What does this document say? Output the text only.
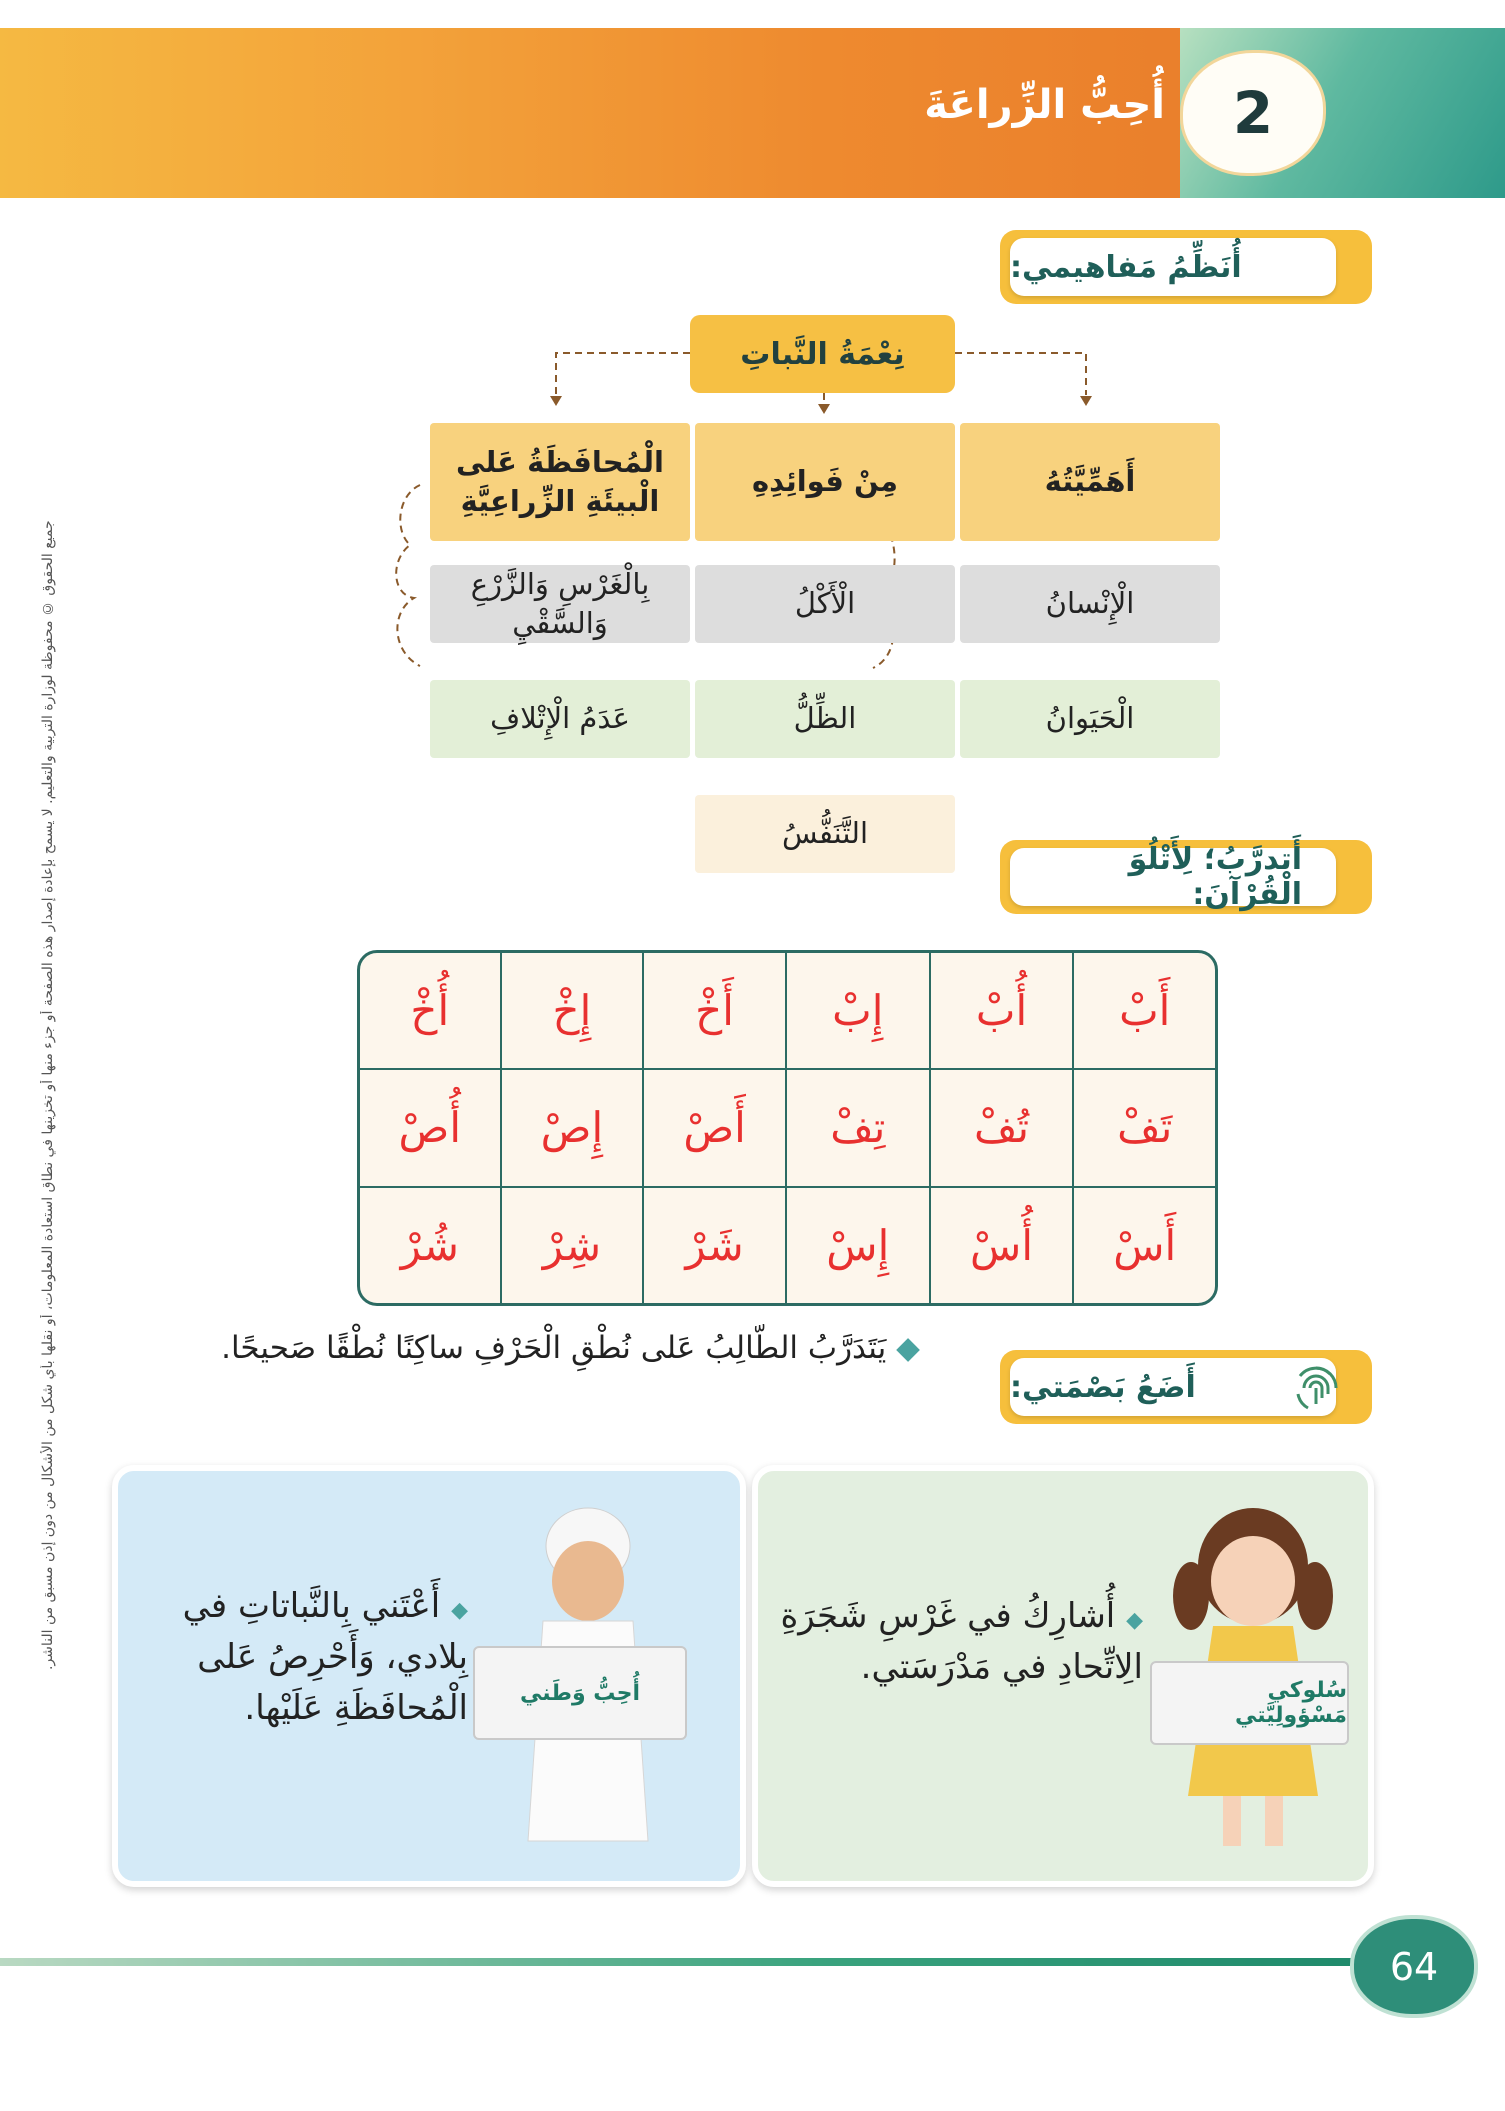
جميع الحقوق © محفوظة لوزارة التربية والتعليم. لا يسمح بإعادة إصدار هذه الصفحة أو جزء منها أو تخزينها في نطاق استعادة المعلومات، أو نقلها بأي شكل من الأشكال من دون إذن مسبق من الناشر.
2
أُحِبُّ الزِّراعَةَ
أُنَظِّمُ مَفاهيمي:
نِعْمَةُ النَّباتِ
أَهَمِّيَّتُهُ
الْإِنْسانُ
الْحَيَوانُ
مِنْ فَوائِدِهِ
الْأَكْلُ
الظِّلُّ
التَّنَفُّسُ
الْمُحافَظَةُ عَلى الْبيئَةِ الزِّراعِيَّةِ
بِالْغَرْسِ وَالزَّرْعِ وَالسَّقْيِ
عَدَمُ الْإِتْلافِ
أَتدرَّبُ؛ لِأَتْلُوَ الْقُرْآنَ:
أَبْ	أُبْ	إِبْ	أَخْ	إِخْ	أُخْ
تَفْ	تُفْ	تِفْ	أَصْ	إِصْ	أُصْ
أَسْ	أُسْ	إِسْ	شَرْ	شِرْ	شُرْ
◆ يَتَدَرَّبُ الطّالِبُ عَلى نُطْقِ الْحَرْفِ ساكِنًا نُطْقًا صَحيحًا.
أَضَعُ بَصْمَتي:
سُلوكي مَسْؤولِيَّتي
◆ أُشارِكُ في غَرْسِ شَجَرَةِ الِاتِّحادِ في مَدْرَسَتي.
أُحِبُّ وَطَني
◆ أَعْتَني بِالنَّباتاتِ في بِلادي، وَأَحْرِصُ عَلى الْمُحافَظَةِ عَلَيْها.
64
